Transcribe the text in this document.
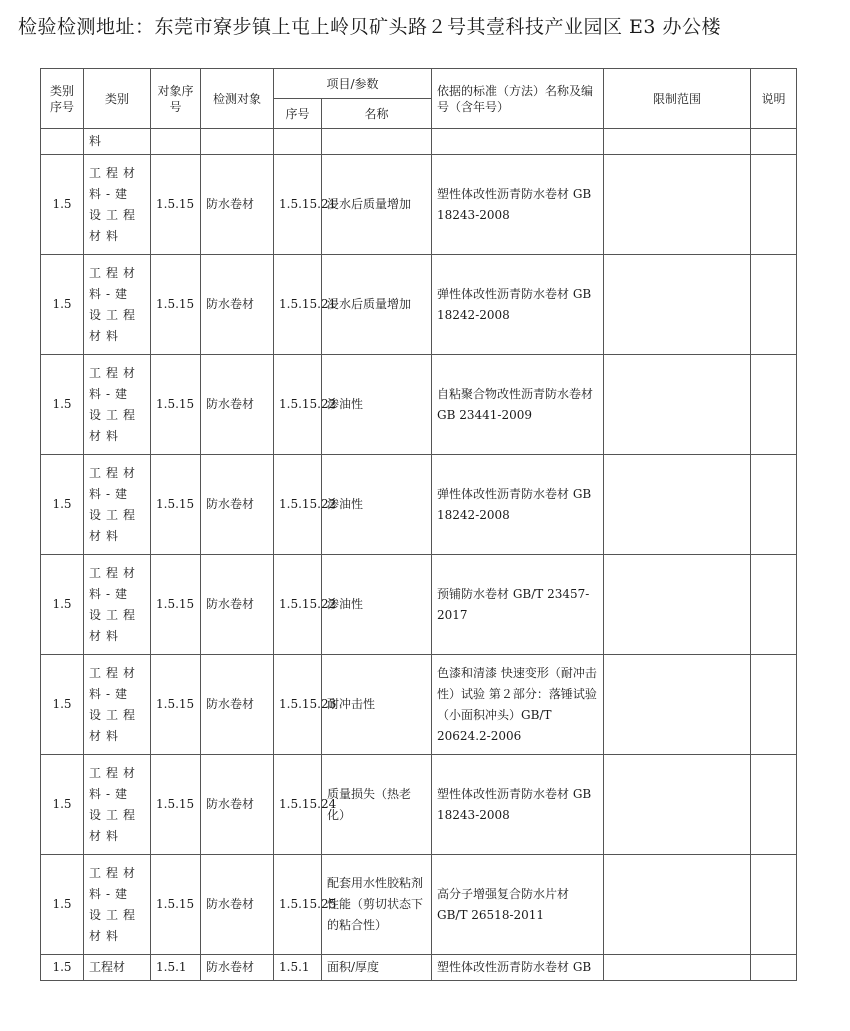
检验检测地址：东莞市寮步镇上屯上岭贝矿头路２号其壹科技产业园区 E3 办公楼
类别序号	类别	对象序号	检测对象	项目/参数		依据的标准（方法）名称及编号（含年号）	限制范围	说明
				序号	名称			
	料							
1.5	工程材料-建设工程材料	1.5.15	防水卷材	1.5.15.21	浸水后质量增加	塑性体改性沥青防水卷材 GB 18243-2008		
1.5	工程材料-建设工程材料	1.5.15	防水卷材	1.5.15.21	浸水后质量增加	弹性体改性沥青防水卷材 GB 18242-2008		
1.5	工程材料-建设工程材料	1.5.15	防水卷材	1.5.15.22	渗油性	自粘聚合物改性沥青防水卷材 GB 23441-2009		
1.5	工程材料-建设工程材料	1.5.15	防水卷材	1.5.15.22	渗油性	弹性体改性沥青防水卷材 GB 18242-2008		
1.5	工程材料-建设工程材料	1.5.15	防水卷材	1.5.15.22	渗油性	预铺防水卷材 GB/T 23457-2017		
1.5	工程材料-建设工程材料	1.5.15	防水卷材	1.5.15.23	耐冲击性	色漆和清漆 快速变形（耐冲击性）试验 第２部分：落锤试验（小面积冲头）GB/T 20624.2-2006		
1.5	工程材料-建设工程材料	1.5.15	防水卷材	1.5.15.24	质量损失（热老化）	塑性体改性沥青防水卷材 GB 18243-2008		
1.5	工程材料-建设工程材料	1.5.15	防水卷材	1.5.15.25	配套用水性胶粘剂性能（剪切状态下的粘合性）	高分子增强复合防水片材 GB/T 26518-2011		
1.5	工程材	1.5.1	防水卷材	1.5.1	面积/厚度	塑性体改性沥青防水卷材 GB		
